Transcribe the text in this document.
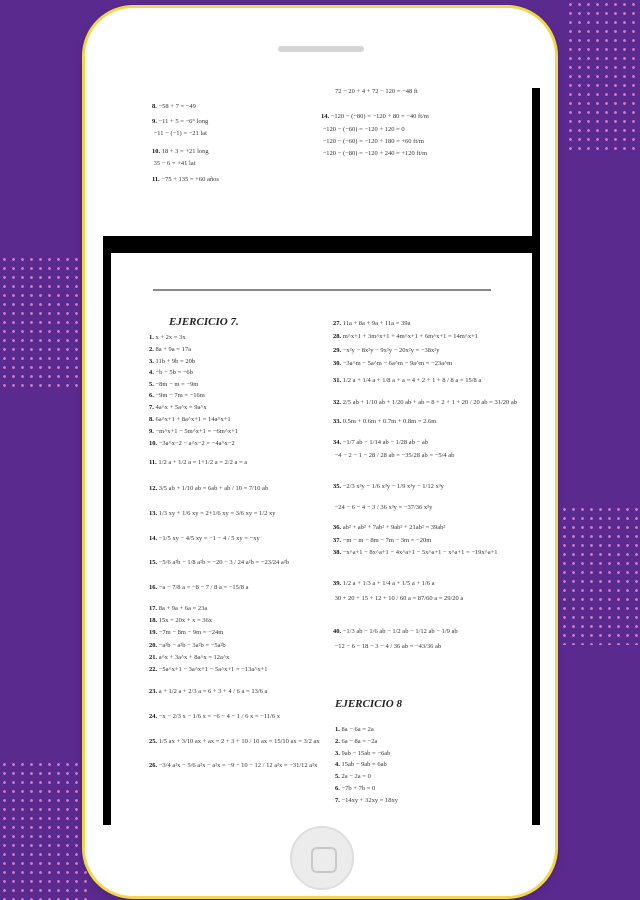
72 − 20 + 4 + 72 − 120 = −48 ft
8. −58 + 7 = −49
9. −11 + 5 = −6° long
−11 − (−1) = −21 lat
10. 18 + 3 = +21 long
35 − 6 = +41 lat
11. −75 + 135 = +60 años
14. −120 − (−80) = −120 + 80 = −40 ft/m
−120 − (−60) = −120 + 120 = 0
−120 − (−60) = −120 + 180 = +60 ft/m
−120 − (−80) = −120 + 240 = +120 ft/m
EJERCICIO 7.
EJERCICIO 8
1. x + 2x = 3x
2. 8a + 9a = 17a
3. 11b + 9b = 20b
4. −b − 5b = −6b
5. −8m − m = −9m
6. −9m − 7m = −16m
7. 4a^x + 5a^x = 9a^x
8. 6a^x+1 + 8a^x+1 = 14a^x+1
9. −m^x+1 − 5m^x+1 = −6m^x+1
10. −3a^x−2 − a^x−2 = −4a^x−2
11. 1/2 a + 1/2 a = 1+1/2 a = 2/2 a = a
12. 3/5 ab + 1/10 ab = 6ab + ab / 10 = 7/10 ab
13. 1/3 xy + 1/6 xy = 2+1/6 xy = 3/6 xy = 1/2 xy
14. −1/5 xy − 4/5 xy = −1 − 4 / 5 xy = −xy
15. −5/6 a²b − 1/8 a²b = −20 − 3 / 24 a²b = −23/24 a²b
16. −a − 7/8 a = −8 − 7 / 8 a = −15/8 a
17. 8a + 9a + 6a = 23a
18. 15x + 20x + x = 36x
19. −7m − 8m − 9m = −24m
20. −a²b − a²b − 3a²b = −5a²b
21. a^x + 3a^x + 8a^x = 12a^x
22. −5a^x+1 − 3a^x+1 − 5a^x+1 = −13a^x+1
23. a + 1/2 a + 2/3 a = 6 + 3 + 4 / 6 a = 13/6 a
24. −x − 2/3 x − 1/6 x = −6 − 4 − 1 / 6 x = −11/6 x
25. 1/5 ax + 3/10 ax + ax = 2 + 3 + 10 / 10 ax = 15/10 ax = 3/2 ax
26. −3/4 a²x − 5/6 a²x − a²x = −9 − 10 − 12 / 12 a²x = −31/12 a²x
27. 11a + 8a + 9a + 11a = 39a
28. m^x+1 + 3m^x+1 + 4m^x+1 + 6m^x+1 = 14m^x+1
29. −x²y − 8x²y − 9x²y − 20x²y = −38x²y
30. −3a^m − 5a^m − 6a^m − 9a^m = −23a^m
31. 1/2 a + 1/4 a + 1/8 a + a = 4 + 2 + 1 + 8 / 8 a = 15/8 a
32. 2/5 ab + 1/10 ab + 1/20 ab + ab = 8 + 2 + 1 + 20 / 20 ab = 31/20 ab
33. 0.5m + 0.6m + 0.7m + 0.8m = 2.6m
34. −1/7 ab − 1/14 ab − 1/28 ab − ab
−4 − 2 − 1 − 28 / 28 ab = −35/28 ab = −5/4 ab
35. −2/3 x³y − 1/6 x³y − 1/9 x³y − 1/12 x³y
−24 − 6 − 4 − 3 / 36 x³y = −37/36 x³y
36. ab² + ab² + 7ab² + 9ab² + 21ab² = 39ab²
37. −m − m − 8m − 7m − 3m = −20m
38. −x^a+1 − 8x^a+1 − 4x^a+1 − 5x^a+1 − x^a+1 = −19x^a+1
39. 1/2 a + 1/3 a + 1/4 a + 1/5 a + 1/6 a
30 + 20 + 15 + 12 + 10 / 60 a = 87/60 a = 29/20 a
40. −1/3 ab − 1/6 ab − 1/2 ab − 1/12 ab − 1/9 ab
−12 − 6 − 18 − 3 − 4 / 36 ab = −43/36 ab
1. 8a − 6a = 2a
2. 6a − 8a = −2a
3. 9ab − 15ab = −6ab
4. 15ab − 9ab = 6ab
5. 2a − 2a = 0
6. −7b + 7b = 0
7. −14xy + 32xy = 18xy
